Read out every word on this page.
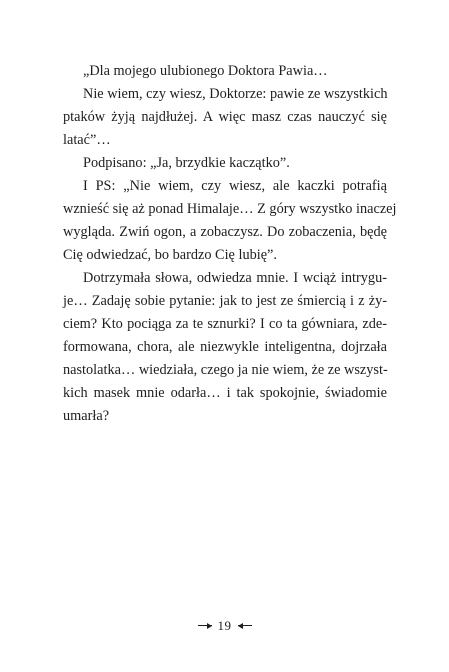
„Dla mojego ulubionego Doktora Pawia…
Nie wiem, czy wiesz, Doktorze: pawie ze wszystkich
ptaków żyją najdłużej. A więc masz czas nauczyć się
latać”…
Podpisano: „Ja, brzydkie kaczątko”.
I PS: „Nie wiem, czy wiesz, ale kaczki potrafią
wznieść się aż ponad Himalaje… Z góry wszystko inaczej
wygląda. Zwiń ogon, a zobaczysz. Do zobaczenia, będę
Cię odwiedzać, bo bardzo Cię lubię”.
Dotrzymała słowa, odwiedza mnie. I wciąż intrygu-
je… Zadaję sobie pytanie: jak to jest ze śmiercią i z ży-
ciem? Kto pociąga za te sznurki? I co ta gówniara, zde-
formowana, chora, ale niezwykle inteligentna, dojrzała
nastolatka… wiedziała, czego ja nie wiem, że ze wszyst-
kich masek mnie odarła… i tak spokojnie, świadomie
umarła?
19
